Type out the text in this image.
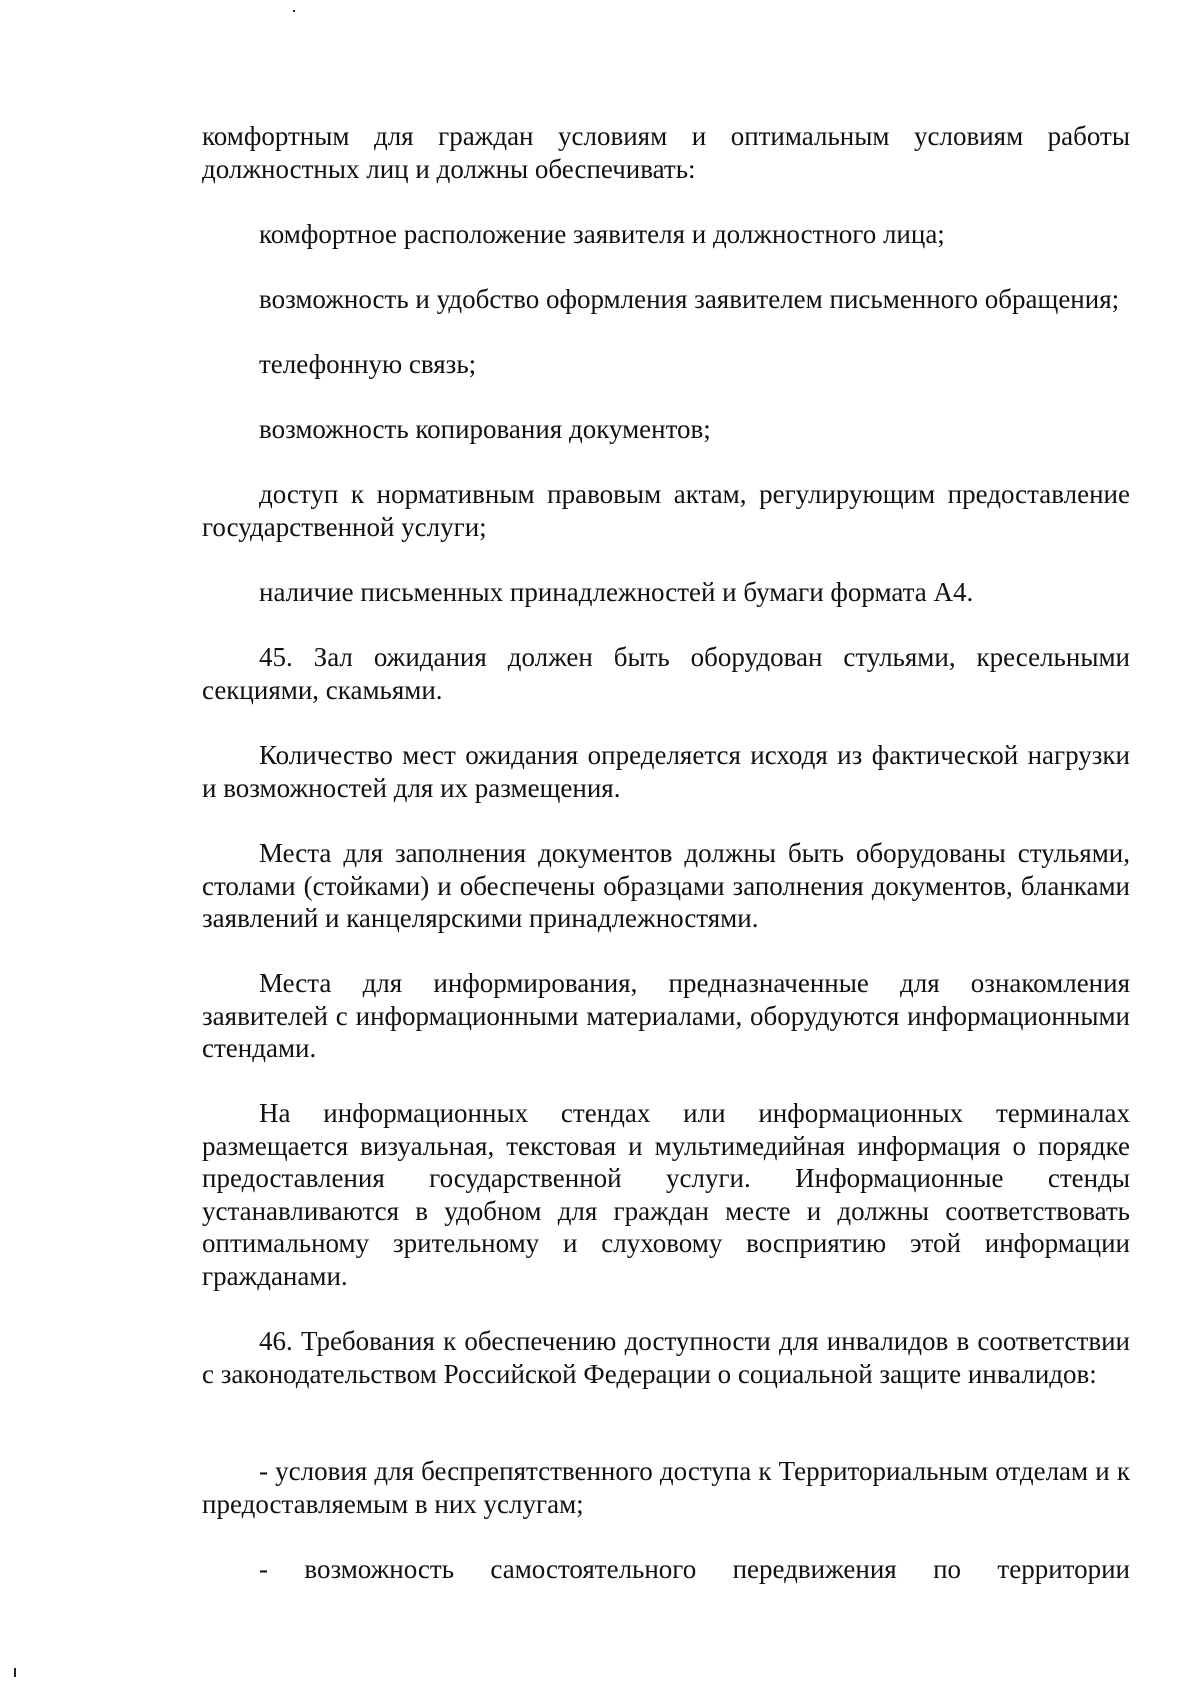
комфортным для граждан условиям и оптимальным условиям работы должностных лиц и должны обеспечивать:

комфортное расположение заявителя и должностного лица;

возможность и удобство оформления заявителем письменного обращения;

телефонную связь;

возможность копирования документов;

доступ к нормативным правовым актам, регулирующим предоставление государственной услуги;

наличие письменных принадлежностей и бумаги формата А4.

45. Зал ожидания должен быть оборудован стульями, кресельными секциями, скамьями.

Количество мест ожидания определяется исходя из фактической нагрузки и возможностей для их размещения.

Места для заполнения документов должны быть оборудованы стульями, столами (стойками) и обеспечены образцами заполнения документов, бланками заявлений и канцелярскими принадлежностями.

Места для информирования, предназначенные для ознакомления заявителей с информационными материалами, оборудуются информационными стендами.

На информационных стендах или информационных терминалах размещается визуальная, текстовая и мультимедийная информация о порядке предоставления государственной услуги. Информационные стенды устанавливаются в удобном для граждан месте и должны соответствовать оптимальному зрительному и слуховому восприятию этой информации гражданами.

46. Требования к обеспечению доступности для инвалидов в соответствии с законодательством Российской Федерации о социальной защите инвалидов:

- условия для беспрепятственного доступа к Территориальным отделам и к предоставляемым в них услугам;

- возможность самостоятельного передвижения по территории
